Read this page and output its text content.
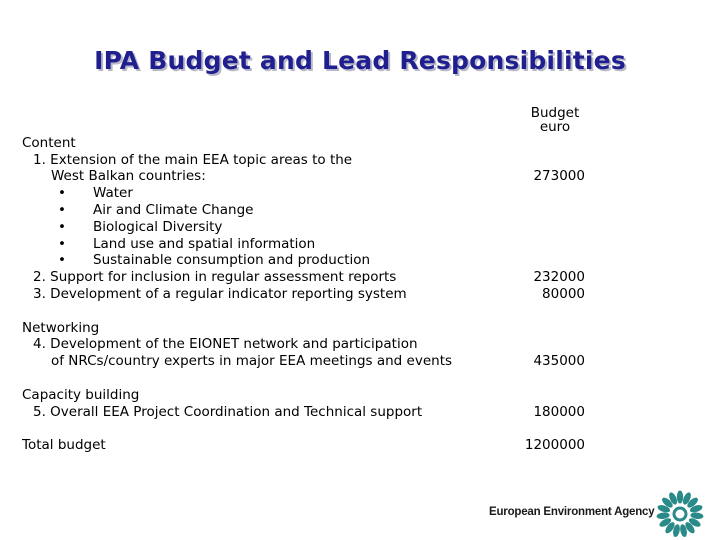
IPA Budget and Lead Responsibilities
Budget
euro
Content
1. Extension of the main EEA topic areas to the
West Balkan countries:
• Water
• Air and Climate Change
• Biological Diversity
• Land use and spatial information
• Sustainable consumption and production
2. Support for inclusion in regular assessment reports
3. Development of a regular indicator reporting system
Networking
4. Development of the EIONET network and participation
of NRCs/country experts in major EEA meetings and events
Capacity building
5. Overall EEA Project Coordination and Technical support
Total budget
273000
232000
80000
435000
180000
1200000
European Environment Agency
